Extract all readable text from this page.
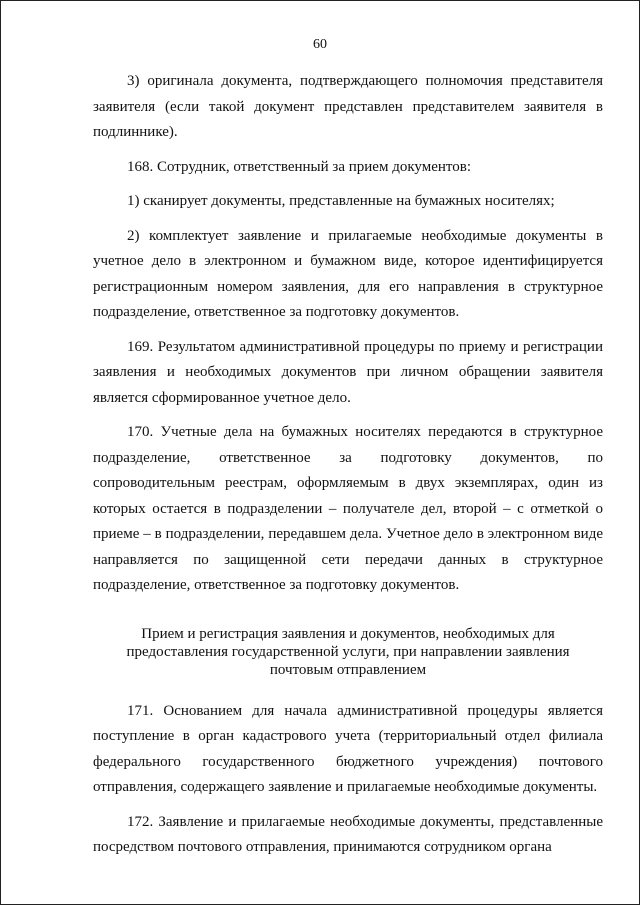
60

3) оригинала документа, подтверждающего полномочия представителя заявителя (если такой документ представлен представителем заявителя в подлиннике).

168. Сотрудник, ответственный за прием документов:

1) сканирует документы, представленные на бумажных носителях;

2) комплектует заявление и прилагаемые необходимые документы в учетное дело в электронном и бумажном виде, которое идентифицируется регистрационным номером заявления, для его направления в структурное подразделение, ответственное за подготовку документов.

169. Результатом административной процедуры по приему и регистрации заявления и необходимых документов при личном обращении заявителя является сформированное учетное дело.

170. Учетные дела на бумажных носителях передаются в структурное подразделение, ответственное за подготовку документов, по сопроводительным реестрам, оформляемым в двух экземплярах, один из которых остается в подразделении – получателе дел, второй – с отметкой о приеме – в подразделении, передавшем дела. Учетное дело в электронном виде направляется по защищенной сети передачи данных в структурное подразделение, ответственное за подготовку документов.

Прием и регистрация заявления и документов, необходимых для предоставления государственной услуги, при направлении заявления почтовым отправлением

171. Основанием для начала административной процедуры является поступление в орган кадастрового учета (территориальный отдел филиала федерального государственного бюджетного учреждения) почтового отправления, содержащего заявление и прилагаемые необходимые документы.

172. Заявление и прилагаемые необходимые документы, представленные посредством почтового отправления, принимаются сотрудником органа
